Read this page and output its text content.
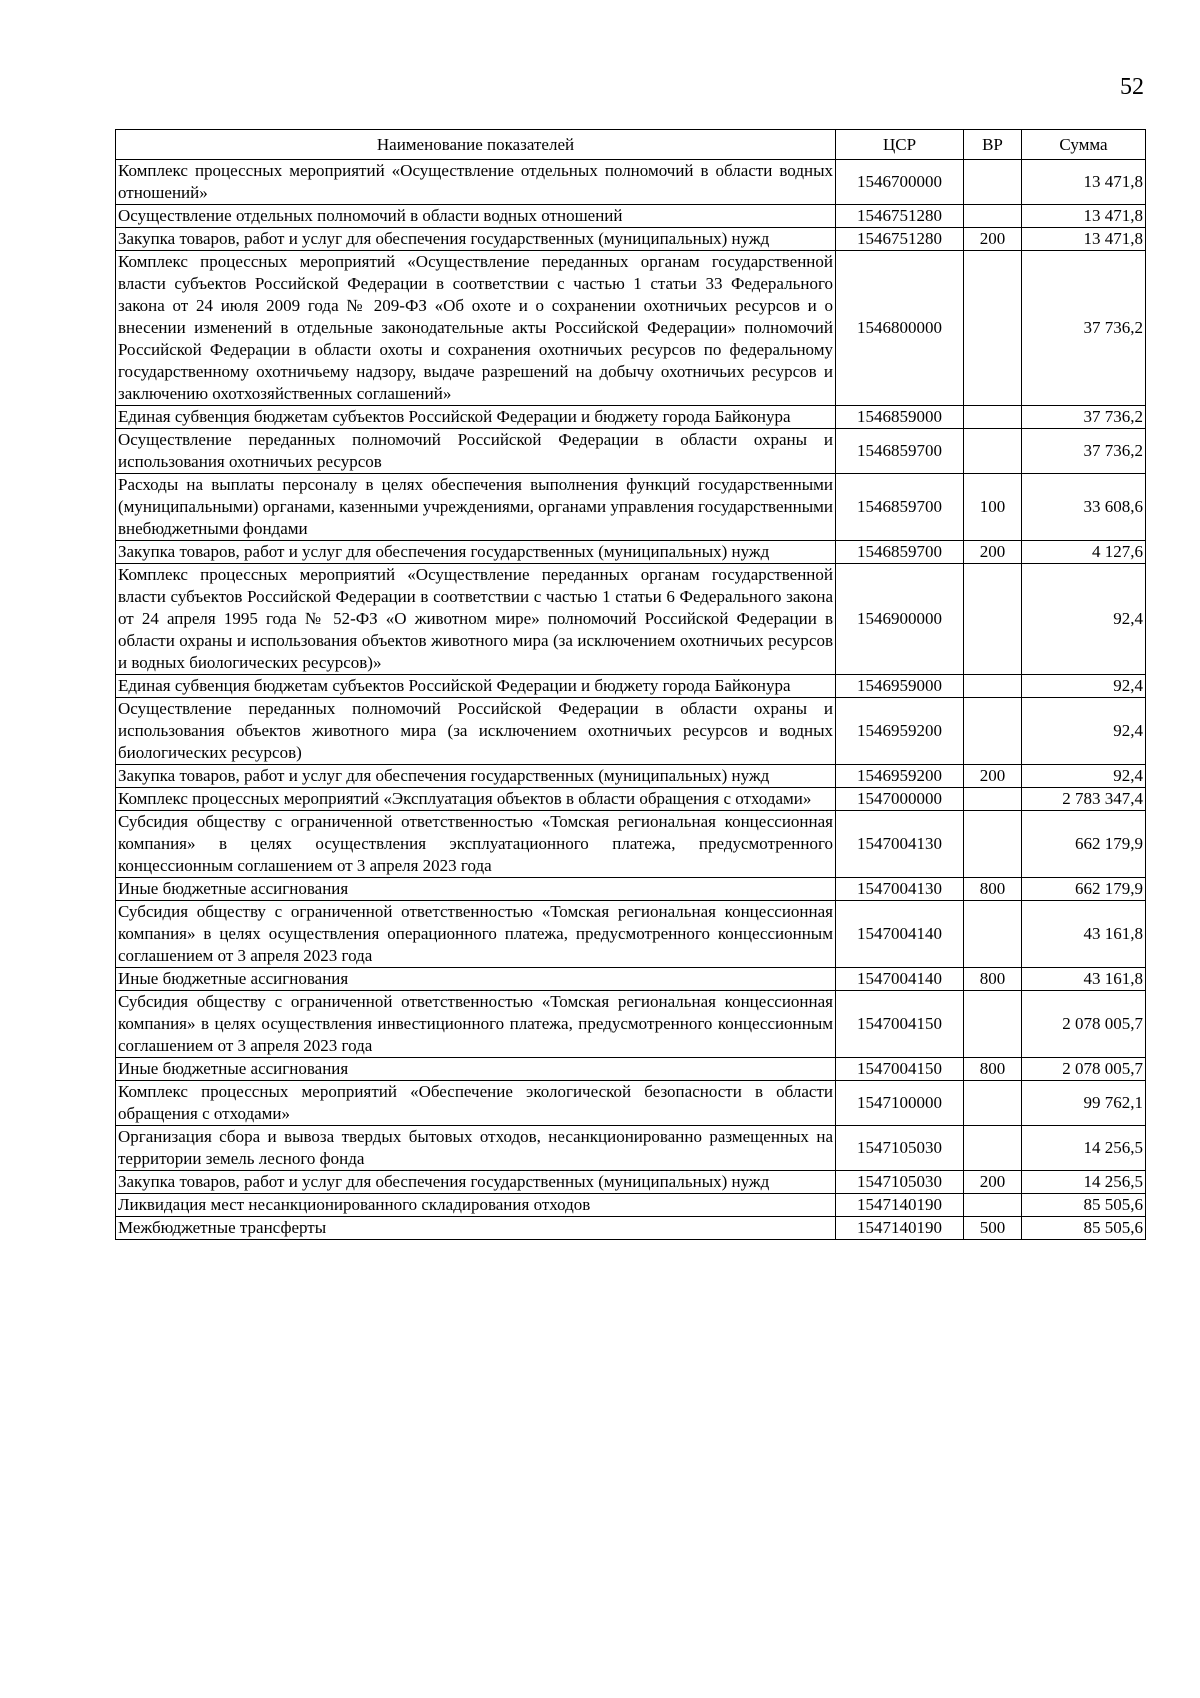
52
Наименование показателей	ЦСР	ВР	Сумма
Комплекс процессных мероприятий «Осуществление отдельных полномочий в области водных отношений»	1546700000		13 471,8
Осуществление отдельных полномочий в области водных отношений	1546751280		13 471,8
Закупка товаров, работ и услуг для обеспечения государственных (муниципальных) нужд	1546751280	200	13 471,8
Комплекс процессных мероприятий «Осуществление переданных органам государственной власти субъектов Российской Федерации в соответствии с частью 1 статьи 33 Федерального закона от 24 июля 2009 года № 209-ФЗ «Об охоте и о сохранении охотничьих ресурсов и о внесении изменений в отдельные законодательные акты Российской Федерации» полномочий Российской Федерации в области охоты и сохранения охотничьих ресурсов по федеральному государственному охотничьему надзору, выдаче разрешений на добычу охотничьих ресурсов и заключению охотхозяйственных соглашений»	1546800000		37 736,2
Единая субвенция бюджетам субъектов Российской Федерации и бюджету города Байконура	1546859000		37 736,2
Осуществление переданных полномочий Российской Федерации в области охраны и использования охотничьих ресурсов	1546859700		37 736,2
Расходы на выплаты персоналу в целях обеспечения выполнения функций государственными (муниципальными) органами, казенными учреждениями, органами управления государственными внебюджетными фондами	1546859700	100	33 608,6
Закупка товаров, работ и услуг для обеспечения государственных (муниципальных) нужд	1546859700	200	4 127,6
Комплекс процессных мероприятий «Осуществление переданных органам государственной власти субъектов Российской Федерации в соответствии с частью 1 статьи 6 Федерального закона от 24 апреля 1995 года № 52-ФЗ «О животном мире» полномочий Российской Федерации в области охраны и использования объектов животного мира (за исключением охотничьих ресурсов и водных биологических ресурсов)»	1546900000		92,4
Единая субвенция бюджетам субъектов Российской Федерации и бюджету города Байконура	1546959000		92,4
Осуществление переданных полномочий Российской Федерации в области охраны и использования объектов животного мира (за исключением охотничьих ресурсов и водных биологических ресурсов)	1546959200		92,4
Закупка товаров, работ и услуг для обеспечения государственных (муниципальных) нужд	1546959200	200	92,4
Комплекс процессных мероприятий «Эксплуатация объектов в области обращения с отходами»	1547000000		2 783 347,4
Субсидия обществу с ограниченной ответственностью «Томская региональная концессионная компания» в целях осуществления эксплуатационного платежа, предусмотренного концессионным соглашением от 3 апреля 2023 года	1547004130		662 179,9
Иные бюджетные ассигнования	1547004130	800	662 179,9
Субсидия обществу с ограниченной ответственностью «Томская региональная концессионная компания» в целях осуществления операционного платежа, предусмотренного концессионным соглашением от 3 апреля 2023 года	1547004140		43 161,8
Иные бюджетные ассигнования	1547004140	800	43 161,8
Субсидия обществу с ограниченной ответственностью «Томская региональная концессионная компания» в целях осуществления инвестиционного платежа, предусмотренного концессионным соглашением от 3 апреля 2023 года	1547004150		2 078 005,7
Иные бюджетные ассигнования	1547004150	800	2 078 005,7
Комплекс процессных мероприятий «Обеспечение экологической безопасности в области обращения с отходами»	1547100000		99 762,1
Организация сбора и вывоза твердых бытовых отходов, несанкционированно размещенных на территории земель лесного фонда	1547105030		14 256,5
Закупка товаров, работ и услуг для обеспечения государственных (муниципальных) нужд	1547105030	200	14 256,5
Ликвидация мест несанкционированного складирования отходов	1547140190		85 505,6
Межбюджетные трансферты	1547140190	500	85 505,6
